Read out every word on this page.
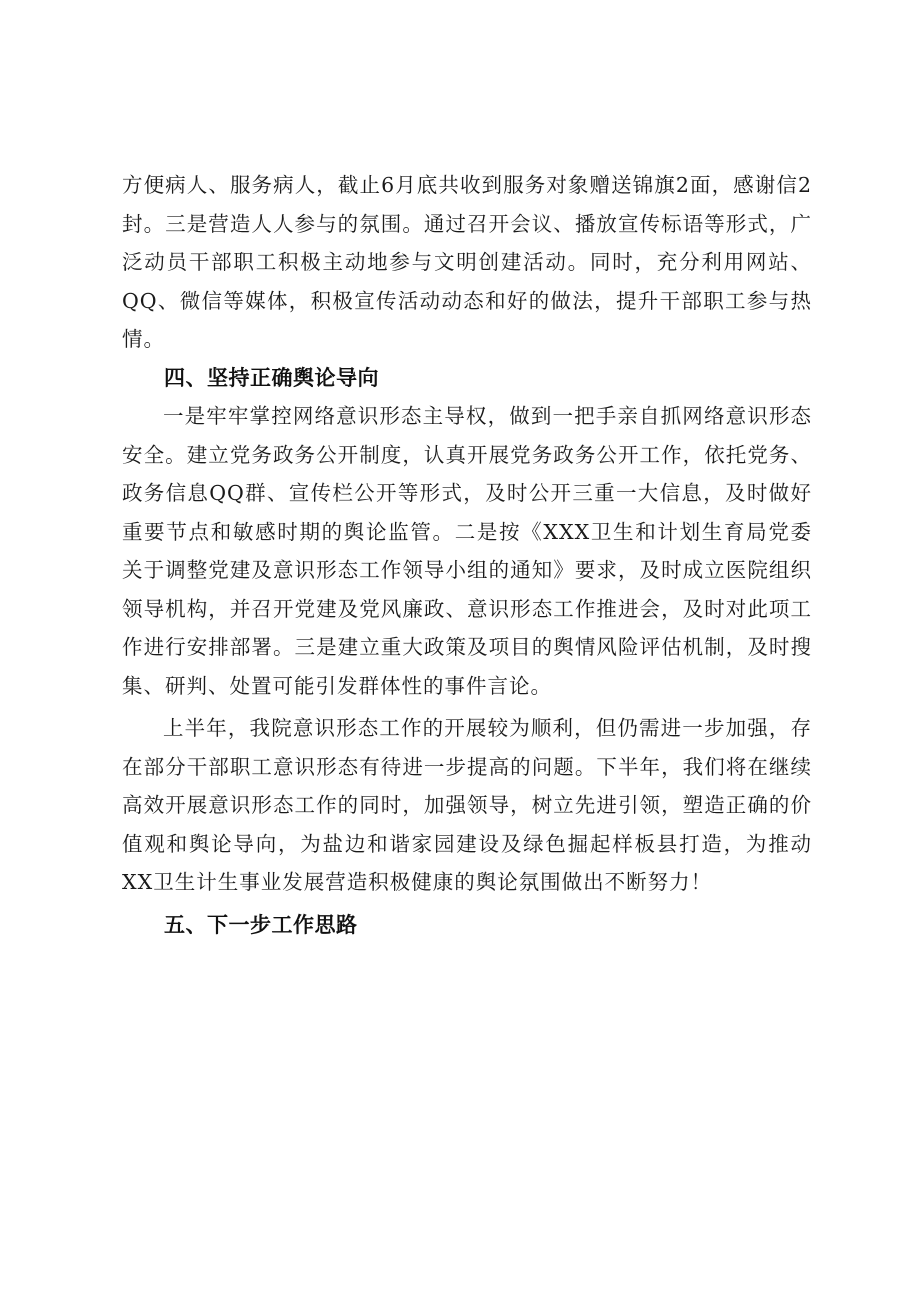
方便病人、服务病人，截止6月底共收到服务对象赠送锦旗2面，感谢信2封。三是营造人人参与的氛围。通过召开会议、播放宣传标语等形式，广泛动员干部职工积极主动地参与文明创建活动。同时，充分利用网站、QQ、微信等媒体，积极宣传活动动态和好的做法，提升干部职工参与热情。

四、坚持正确舆论导向

一是牢牢掌控网络意识形态主导权，做到一把手亲自抓网络意识形态安全。建立党务政务公开制度，认真开展党务政务公开工作，依托党务、政务信息QQ群、宣传栏公开等形式，及时公开三重一大信息，及时做好重要节点和敏感时期的舆论监管。二是按《XXX卫生和计划生育局党委关于调整党建及意识形态工作领导小组的通知》要求，及时成立医院组织领导机构，并召开党建及党风廉政、意识形态工作推进会，及时对此项工作进行安排部署。三是建立重大政策及项目的舆情风险评估机制，及时搜集、研判、处置可能引发群体性的事件言论。

上半年，我院意识形态工作的开展较为顺利，但仍需进一步加强，存在部分干部职工意识形态有待进一步提高的问题。下半年，我们将在继续高效开展意识形态工作的同时，加强领导，树立先进引领，塑造正确的价值观和舆论导向，为盐边和谐家园建设及绿色掘起样板县打造，为推动XX卫生计生事业发展营造积极健康的舆论氛围做出不断努力！

五、下一步工作思路
